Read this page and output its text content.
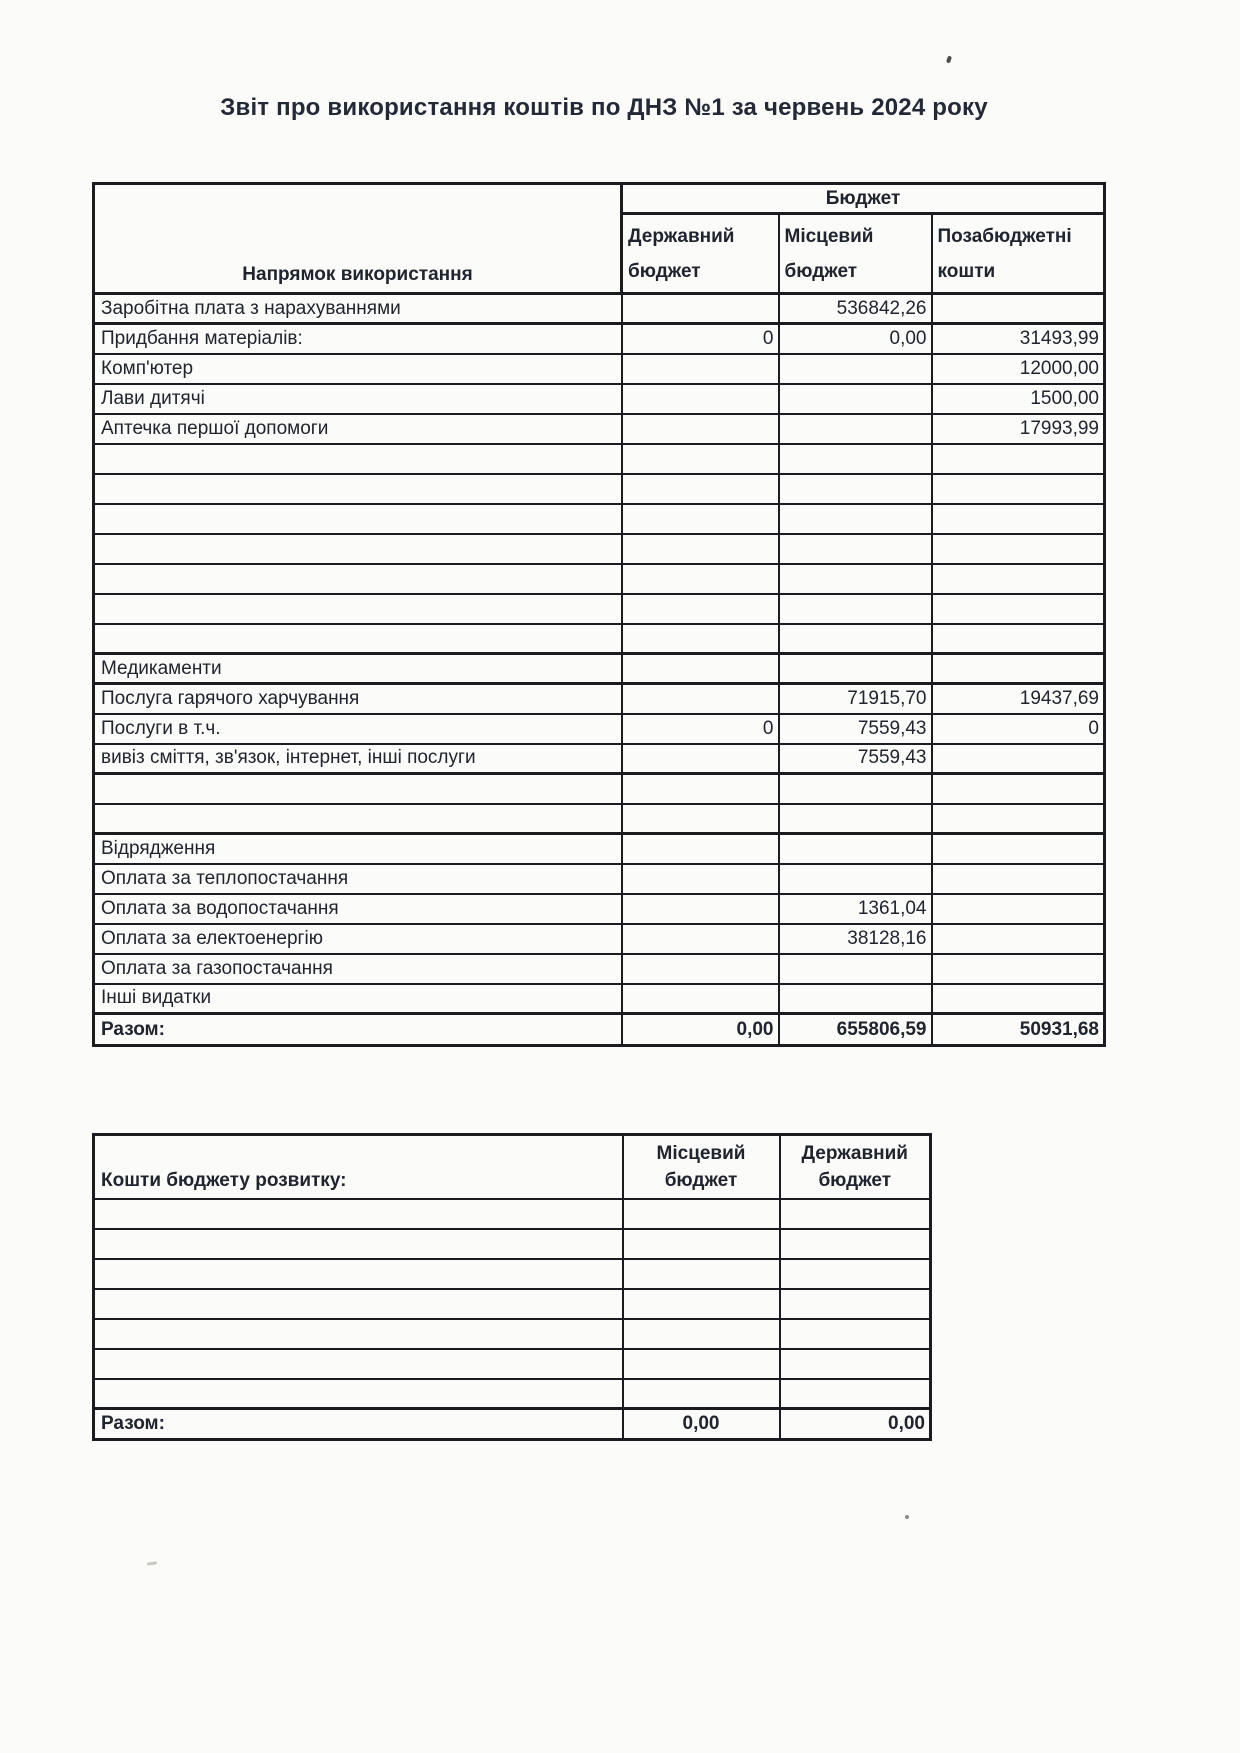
Звіт про використання коштів по ДНЗ №1 за червень 2024 року
Напрямок використання	Бюджет		
	Державний бюджет	Місцевий бюджет	Позабюджетні кошти
Заробітна плата з нарахуваннями		536842,26	
Придбання матеріалів:	0	0,00	31493,99
Комп'ютер			12000,00
Лави дитячі			1500,00
Аптечка першої допомоги			17993,99

Медикаменти			
Послуга гарячого харчування		71915,70	19437,69
Послуги в т.ч.	0	7559,43	0
вивіз сміття, зв'язок, інтернет, інші послуги		7559,43	

Відрядження			
Оплата за теплопостачання			
Оплата за водопостачання		1361,04	
Оплата за електоенергію		38128,16	
Оплата за газопостачання			
Інші видатки			
Разом:	0,00	655806,59	50931,68
Кошти бюджету розвитку:	Місцевий бюджет	Державний бюджет

Разом:	0,00	0,00
